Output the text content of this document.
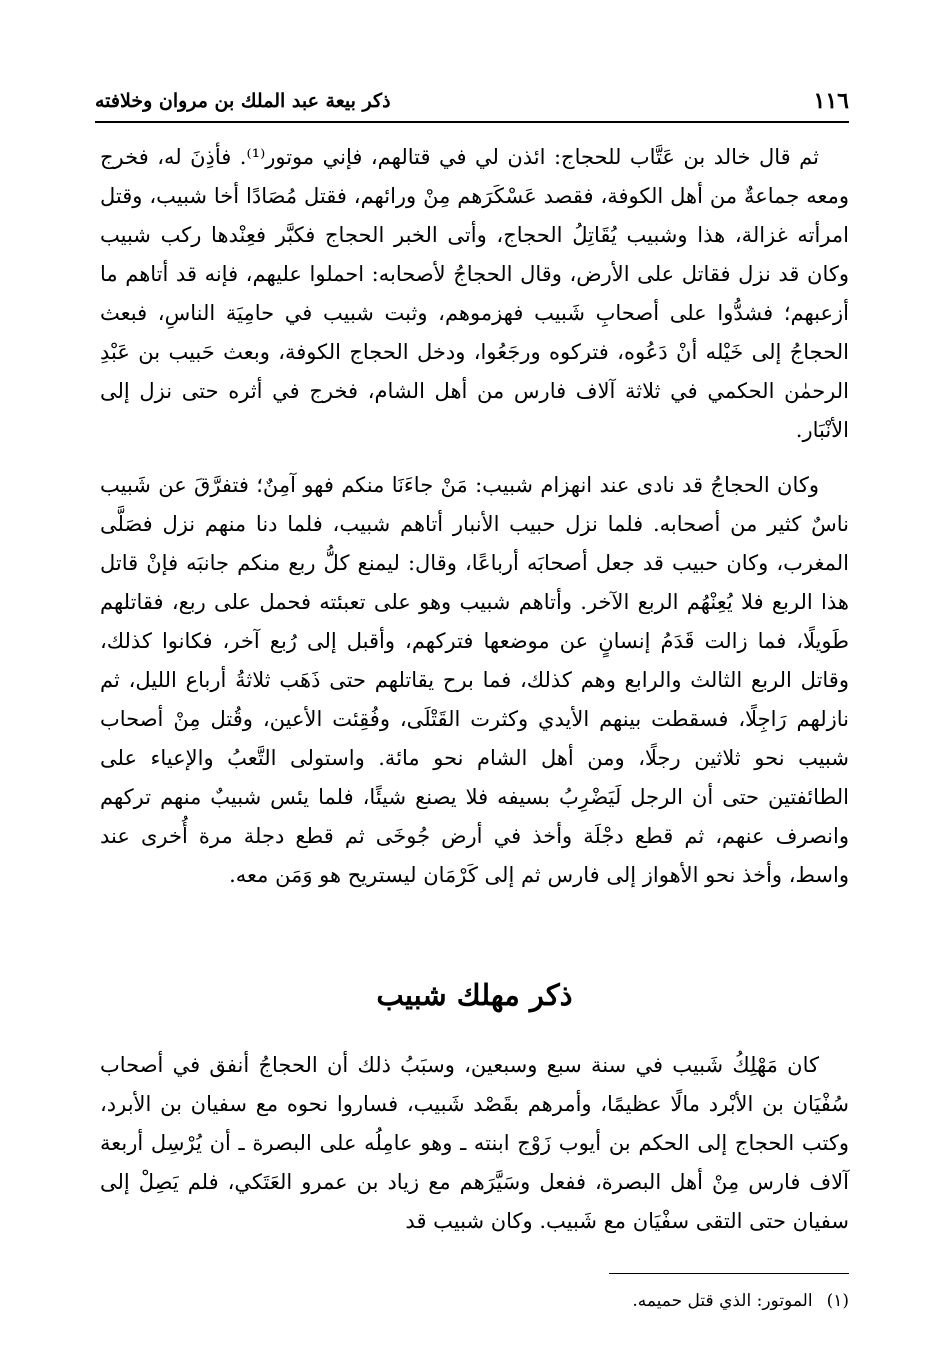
١١٦
ذكر بيعة عبد الملك بن مروان وخلافته

ثم قال خالد بن عَتَّاب للحجاج: ائذن لي في قتالهم، فإني موتور⁽¹⁾. فأذِنَ له، فخرج ومعه جماعةٌ من أهل الكوفة، فقصد عَسْكَرَهم مِنْ ورائهم، فقتل مُصَادًا أخا شبيب، وقتل امرأته غزالة، هذا وشبيب يُقَاتِلُ الحجاج، وأتى الخبر الحجاج فكبَّر فعِنْدها ركب شبيب وكان قد نزل فقاتل على الأرض، وقال الحجاجُ لأصحابه: احملوا عليهم، فإنه قد أتاهم ما أزعبهم؛ فشدُّوا على أصحابِ شَبيب فهزموهم، وثبت شبيب في حامِيَة الناسِ، فبعث الحجاجُ إلى خَيْله أنْ دَعُوه، فتركوه ورجَعُوا، ودخل الحجاج الكوفة، وبعث حَبيب بن عَبْدِ الرحمٰن الحكمي في ثلاثة آلاف فارس من أهل الشام، فخرج في أثره حتى نزل إلى الأنْبَار.

وكان الحجاجُ قد نادى عند انهزام شبيب: مَنْ جاءَنَا منكم فهو آمِنٌ؛ فتفرَّقَ عن شَبيب ناسٌ كثير من أصحابه. فلما نزل حبيب الأنبار أتاهم شبيب، فلما دنا منهم نزل فصَلَّى المغرب، وكان حبيب قد جعل أصحابَه أرباعًا، وقال: ليمنع كلُّ ربع منكم جانبَه فإنْ قاتل هذا الربع فلا يُعِنْهُم الربع الآخر. وأتاهم شبيب وهو على تعبئته فحمل على ربع، فقاتلهم طَويلًا، فما زالت قَدَمُ إنسانٍ عن موضعها فتركهم، وأقبل إلى رُبع آخر، فكانوا كذلك، وقاتل الربع الثالث والرابع وهم كذلك، فما برح يقاتلهم حتى ذَهَب ثلاثةُ أرباع الليل، ثم نازلهم رَاجِلًا، فسقطت بينهم الأيدي وكثرت القَتْلَى، وفُقِئت الأعين، وقُتل مِنْ أصحاب شبيب نحو ثلاثين رجلًا، ومن أهل الشام نحو مائة. واستولى التَّعبُ والإعياء على الطائفتين حتى أن الرجل لَيَضْرِبُ بسيفه فلا يصنع شيئًا، فلما يئس شبيبٌ منهم تركهم وانصرف عنهم، ثم قطع دجْلَة وأخذ في أرض جُوخَى ثم قطع دجلة مرة أُخرى عند واسط، وأخذ نحو الأهواز إلى فارس ثم إلى كَرْمَان ليستريح هو وَمَن معه.

ذكر مهلك شبيب

كان مَهْلِكُ شَبيب في سنة سبع وسبعين، وسبَبُ ذلك أن الحجاجُ أنفق في أصحاب سُفْيَان بن الأبْرد مالًا عظيمًا، وأمرهم بقَصْد شَبيب، فساروا نحوه مع سفيان بن الأبرد، وكتب الحجاج إلى الحكم بن أيوب زَوْج ابنته ـ وهو عامِلُه على البصرة ـ أن يُرْسِل أربعة آلاف فارس مِنْ أهل البصرة، ففعل وسَيَّرَهم مع زياد بن عمرو العَتَكي، فلم يَصِلْ إلى سفيان حتى التقى سفْيَان مع شَبيب. وكان شبيب قد

(١)الموتور: الذي قتل حميمه.
